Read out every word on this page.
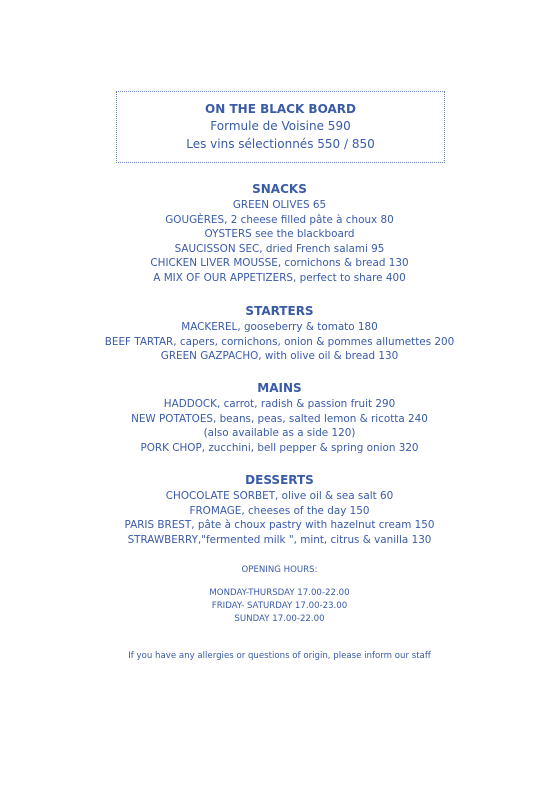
ON THE BLACK BOARD
Formule de Voisine 590
Les vins sélectionnés 550 / 850
SNACKS
GREEN OLIVES 65
GOUGÈRES, 2 cheese filled pâte à choux 80
OYSTERS see the blackboard
SAUCISSON SEC, dried French salami 95
CHICKEN LIVER MOUSSE, cornichons & bread 130
A MIX OF OUR APPETIZERS, perfect to share 400
STARTERS
MACKEREL, gooseberry & tomato 180
BEEF TARTAR, capers, cornichons, onion & pommes allumettes 200
GREEN GAZPACHO, with olive oil & bread 130
MAINS
HADDOCK, carrot, radish & passion fruit 290
NEW POTATOES, beans, peas, salted lemon & ricotta 240
(also available as a side 120)
PORK CHOP, zucchini, bell pepper & spring onion 320
DESSERTS
CHOCOLATE SORBET, olive oil & sea salt 60
FROMAGE, cheeses of the day 150
PARIS BREST, pâte à choux pastry with hazelnut cream 150
STRAWBERRY,"fermented milk ", mint, citrus & vanilla 130
OPENING HOURS:
MONDAY-THURSDAY 17.00-22.00
FRIDAY- SATURDAY 17.00-23.00
SUNDAY 17.00-22.00
If you have any allergies or questions of origin, please inform our staff
